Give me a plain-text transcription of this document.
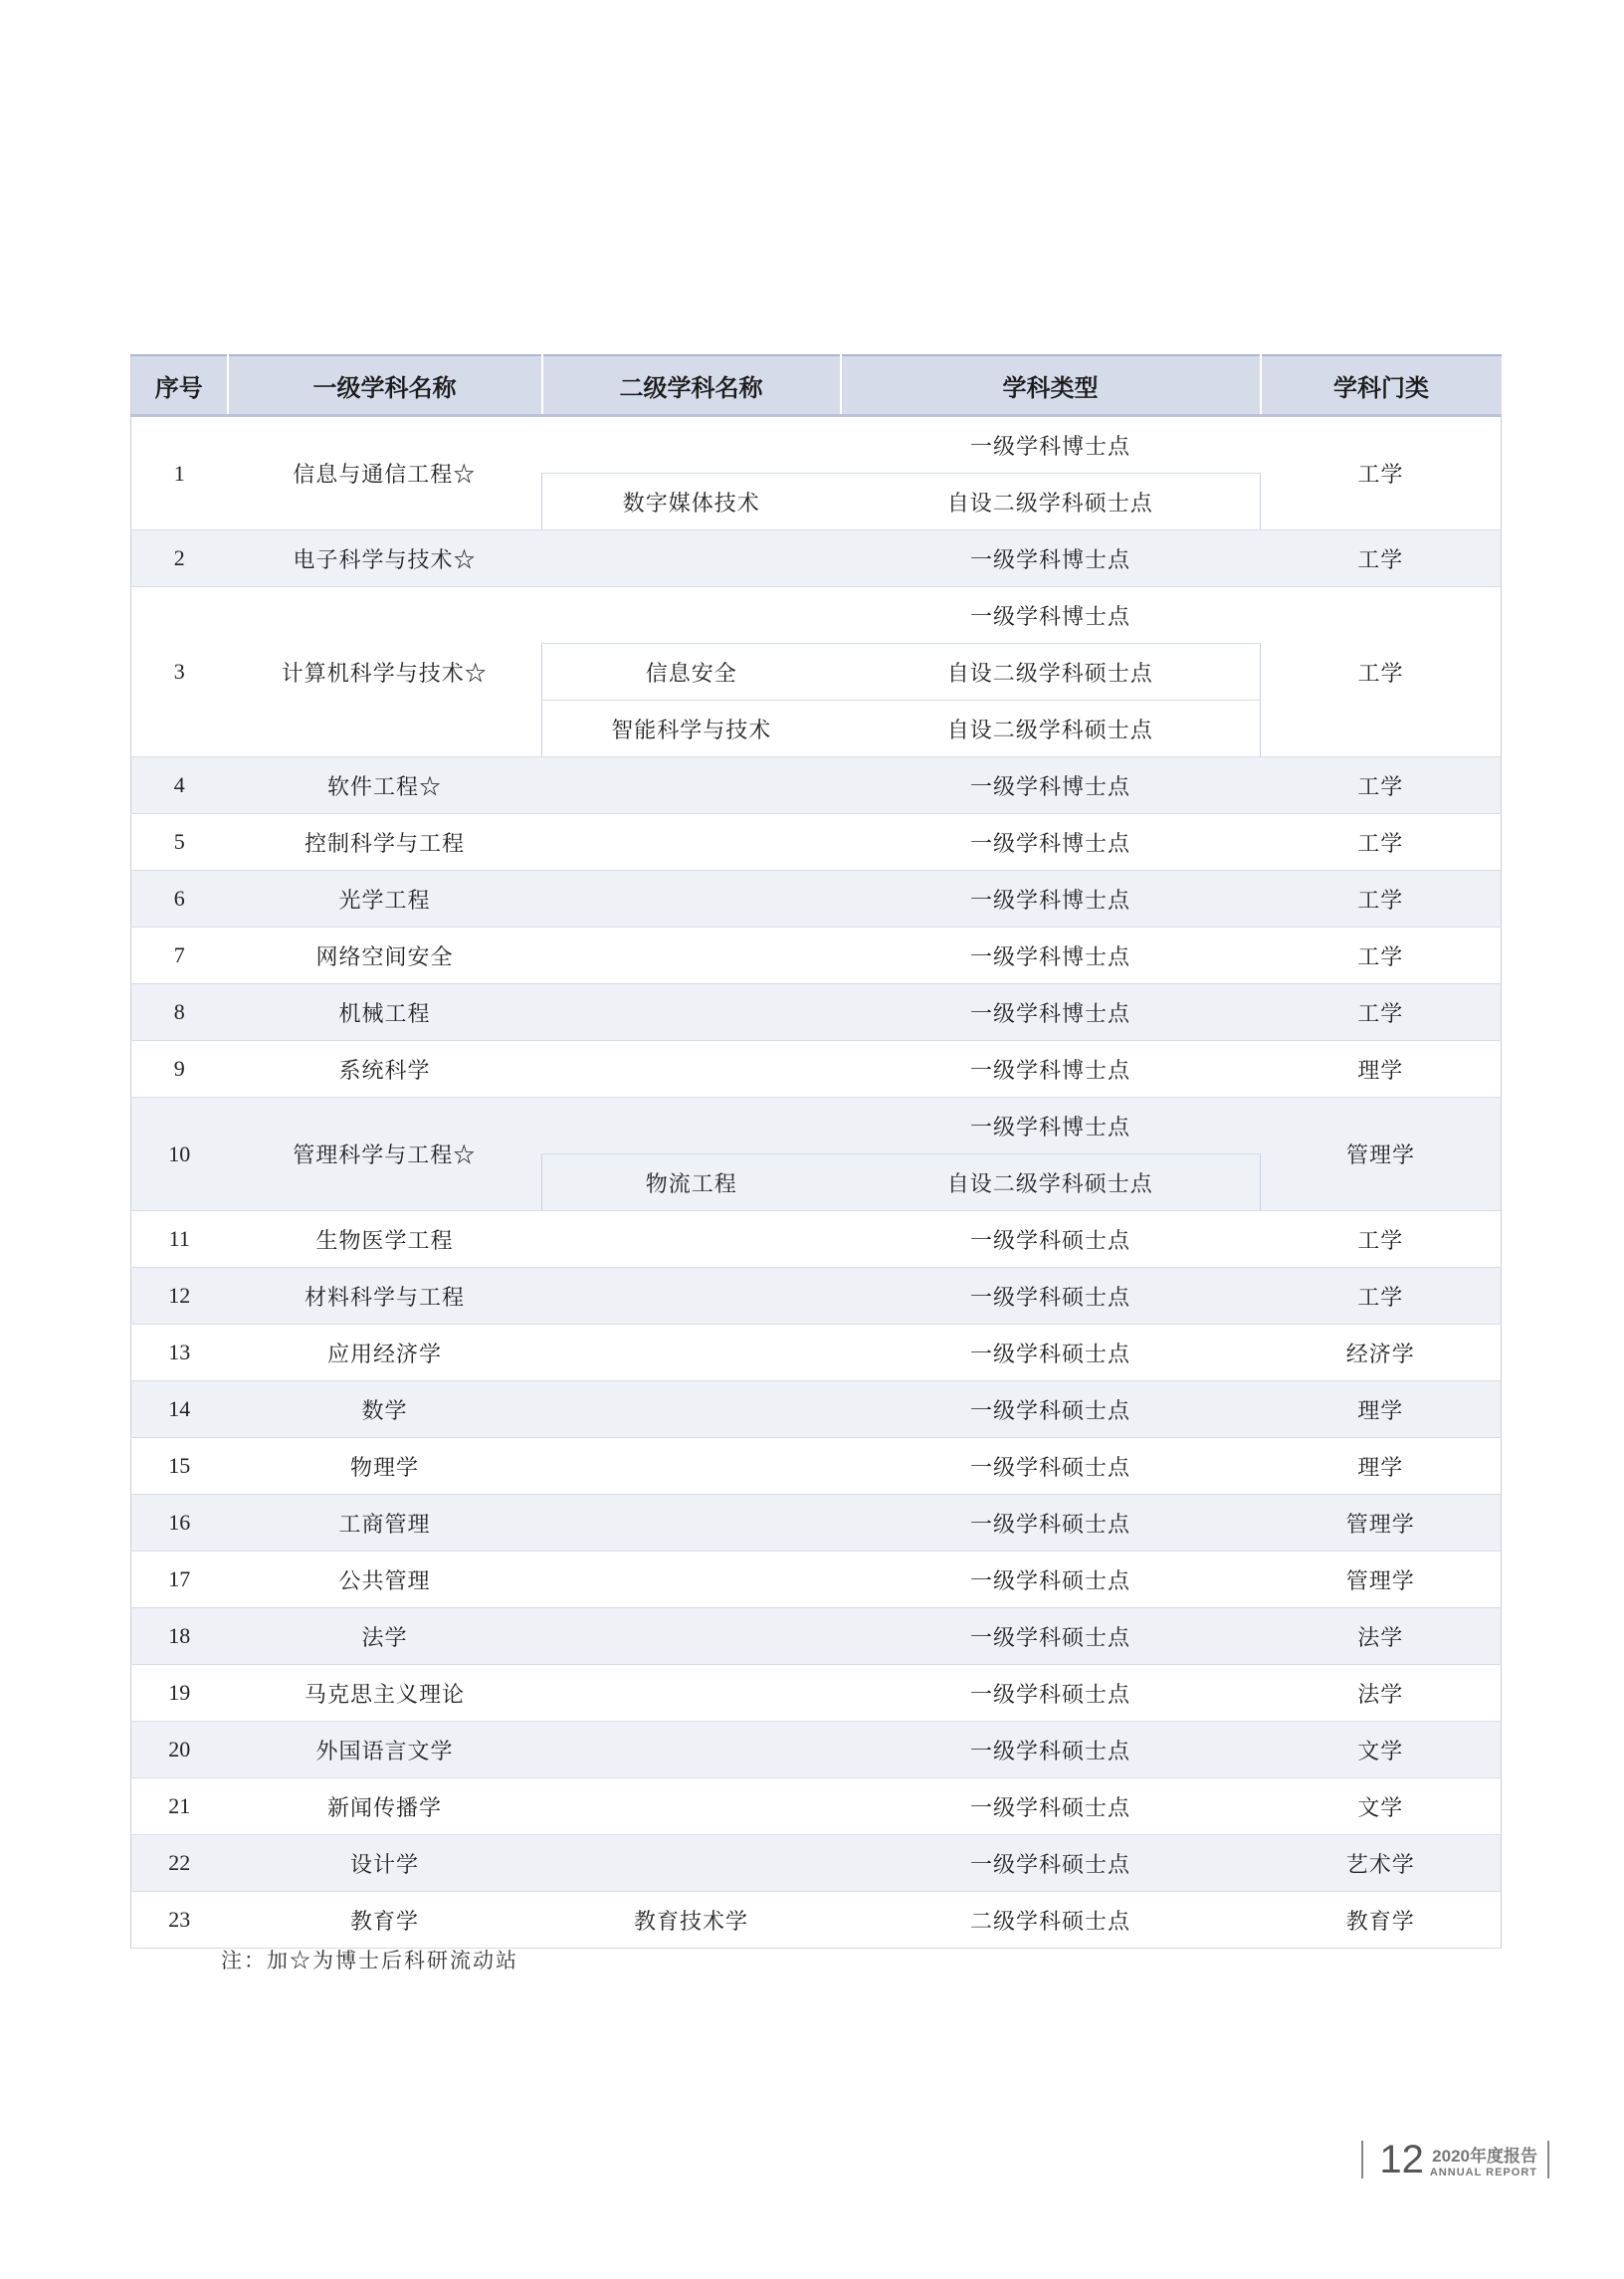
序号	一级学科名称	二级学科名称	学科类型	学科门类
1	信息与通信工程☆		一级学科博士点	工学
		数字媒体技术	自设二级学科硕士点	
2	电子科学与技术☆		一级学科博士点	工学
3	计算机科学与技术☆		一级学科博士点	工学
		信息安全	自设二级学科硕士点	
		智能科学与技术	自设二级学科硕士点	
4	软件工程☆		一级学科博士点	工学
5	控制科学与工程		一级学科博士点	工学
6	光学工程		一级学科博士点	工学
7	网络空间安全		一级学科博士点	工学
8	机械工程		一级学科博士点	工学
9	系统科学		一级学科博士点	理学
10	管理科学与工程☆		一级学科博士点	管理学
		物流工程	自设二级学科硕士点	
11	生物医学工程		一级学科硕士点	工学
12	材料科学与工程		一级学科硕士点	工学
13	应用经济学		一级学科硕士点	经济学
14	数学		一级学科硕士点	理学
15	物理学		一级学科硕士点	理学
16	工商管理		一级学科硕士点	管理学
17	公共管理		一级学科硕士点	管理学
18	法学		一级学科硕士点	法学
19	马克思主义理论		一级学科硕士点	法学
20	外国语言文学		一级学科硕士点	文学
21	新闻传播学		一级学科硕士点	文学
22	设计学		一级学科硕士点	艺术学
23	教育学	教育技术学	二级学科硕士点	教育学
注：加☆为博士后科研流动站
12 2020年度报告
ANNUAL REPORT
